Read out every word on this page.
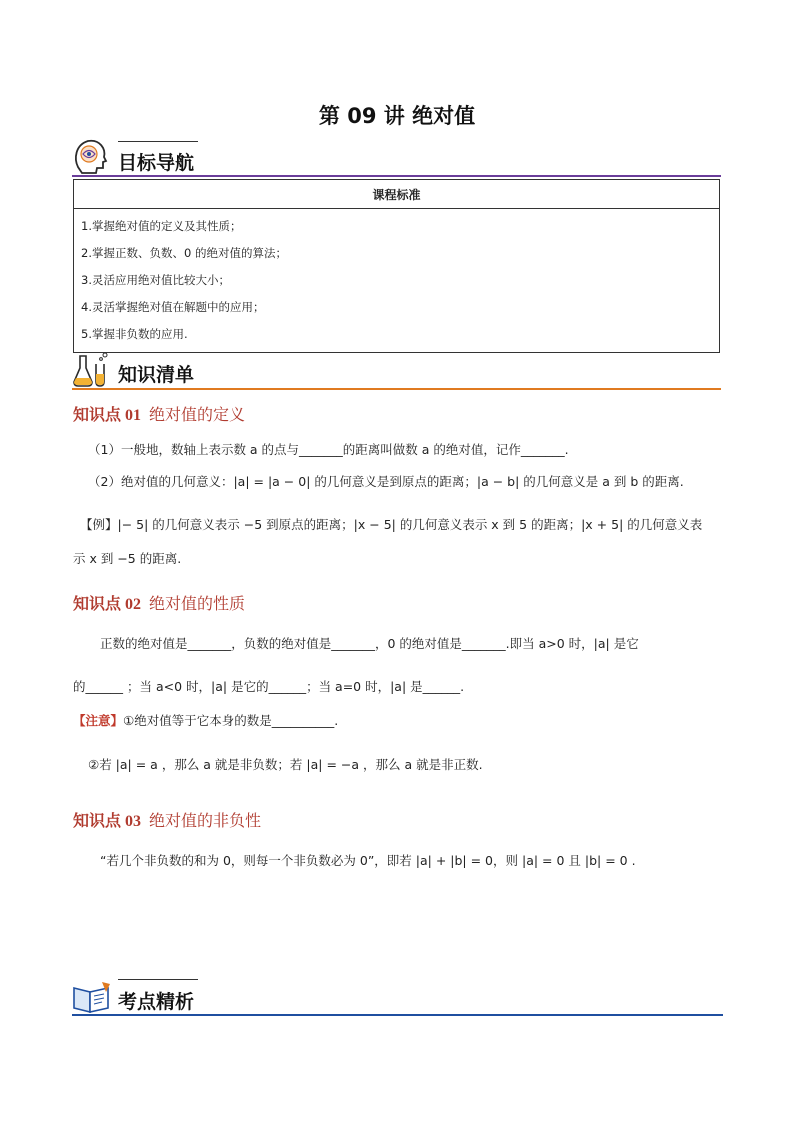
第 09 讲 绝对值
目标导航
课程标准

1.掌握绝对值的定义及其性质；
2.掌握正数、负数、0 的绝对值的算法；
3.灵活应用绝对值比较大小；
4.灵活掌握绝对值在解题中的应用；
5.掌握非负数的应用.
知识清单
知识点 01 绝对值的定义
（1）一般地，数轴上表示数 a 的点与_______的距离叫做数 a 的绝对值，记作_______.
（2）绝对值的几何意义：|a| = |a − 0| 的几何意义是到原点的距离；|a − b| 的几何意义是 a 到 b 的距离.
【例】|− 5| 的几何意义表示 −5 到原点的距离；|x − 5| 的几何意义表示 x 到 5 的距离；|x + 5| 的几何意义表
示 x 到 −5 的距离.
知识点 02 绝对值的性质
正数的绝对值是_______，负数的绝对值是_______，0 的绝对值是_______.即当 a>0 时，|a| 是它
的______ ；当 a<0 时，|a| 是它的______；当 a=0 时，|a| 是______.
【注意】①绝对值等于它本身的数是__________.
②若 |a| = a ，那么 a 就是非负数；若 |a| = −a ，那么 a 就是非正数.
知识点 03 绝对值的非负性
“若几个非负数的和为 0，则每一个非负数必为 0”，即若 |a| + |b| = 0，则 |a| = 0 且 |b| = 0 .
考点精析
